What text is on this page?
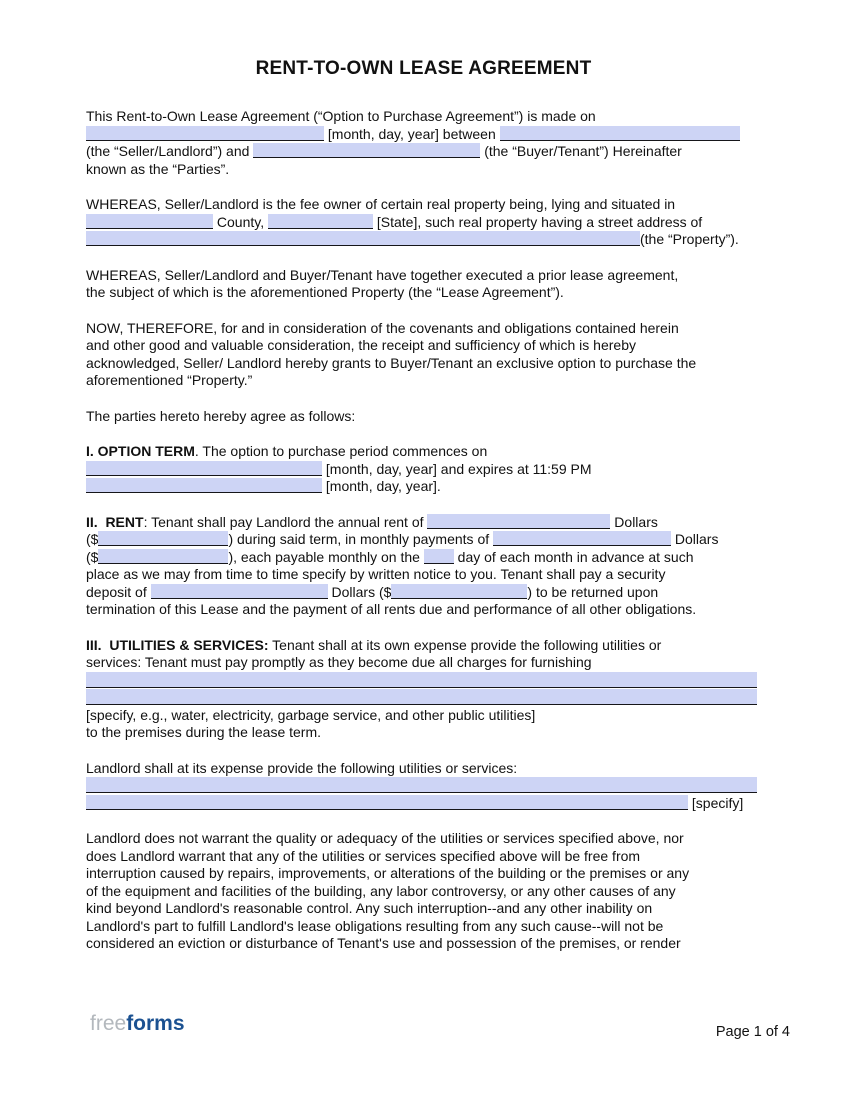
RENT-TO-OWN LEASE AGREEMENT
This Rent-to-Own Lease Agreement (“Option to Purchase Agreement”) is made on
[month, day, year] between
(the “Seller/Landlord”) and	(the “Buyer/Tenant”) Hereinafter
known as the “Parties”.
WHEREAS, Seller/Landlord is the fee owner of certain real property being, lying and situated in
County,	[State], such real property having a street address of
(the “Property”).
WHEREAS, Seller/Landlord and Buyer/Tenant have together executed a prior lease agreement,
the subject of which is the aforementioned Property (the “Lease Agreement”).
NOW, THEREFORE, for and in consideration of the covenants and obligations contained herein
and other good and valuable consideration, the receipt and sufficiency of which is hereby
acknowledged, Seller/ Landlord hereby grants to Buyer/Tenant an exclusive option to purchase the
aforementioned “Property.”
The parties hereto hereby agree as follows:
I. OPTION TERM. The option to purchase period commences on
[month, day, year] and expires at 11:59 PM
[month, day, year].
II.  RENT: Tenant shall pay Landlord the annual rent of	Dollars
($	) during said term, in monthly payments of	Dollars
($	), each payable monthly on the  day of each month in advance at such
place as we may from time to time specify by written notice to you. Tenant shall pay a security
deposit of	Dollars ($	) to be returned upon
termination of this Lease and the payment of all rents due and performance of all other obligations.
III.  UTILITIES & SERVICES: Tenant shall at its own expense provide the following utilities or
services: Tenant must pay promptly as they become due all charges for furnishing
[specify, e.g., water, electricity, garbage service, and other public utilities]
to the premises during the lease term.
Landlord shall at its expense provide the following utilities or services:
[specify]
Landlord does not warrant the quality or adequacy of the utilities or services specified above, nor
does Landlord warrant that any of the utilities or services specified above will be free from
interruption caused by repairs, improvements, or alterations of the building or the premises or any
of the equipment and facilities of the building, any labor controversy, or any other causes of any
kind beyond Landlord's reasonable control. Any such interruption--and any other inability on
Landlord's part to fulfill Landlord's lease obligations resulting from any such cause--will not be
considered an eviction or disturbance of Tenant's use and possession of the premises, or render
freeforms	Page 1 of 4
